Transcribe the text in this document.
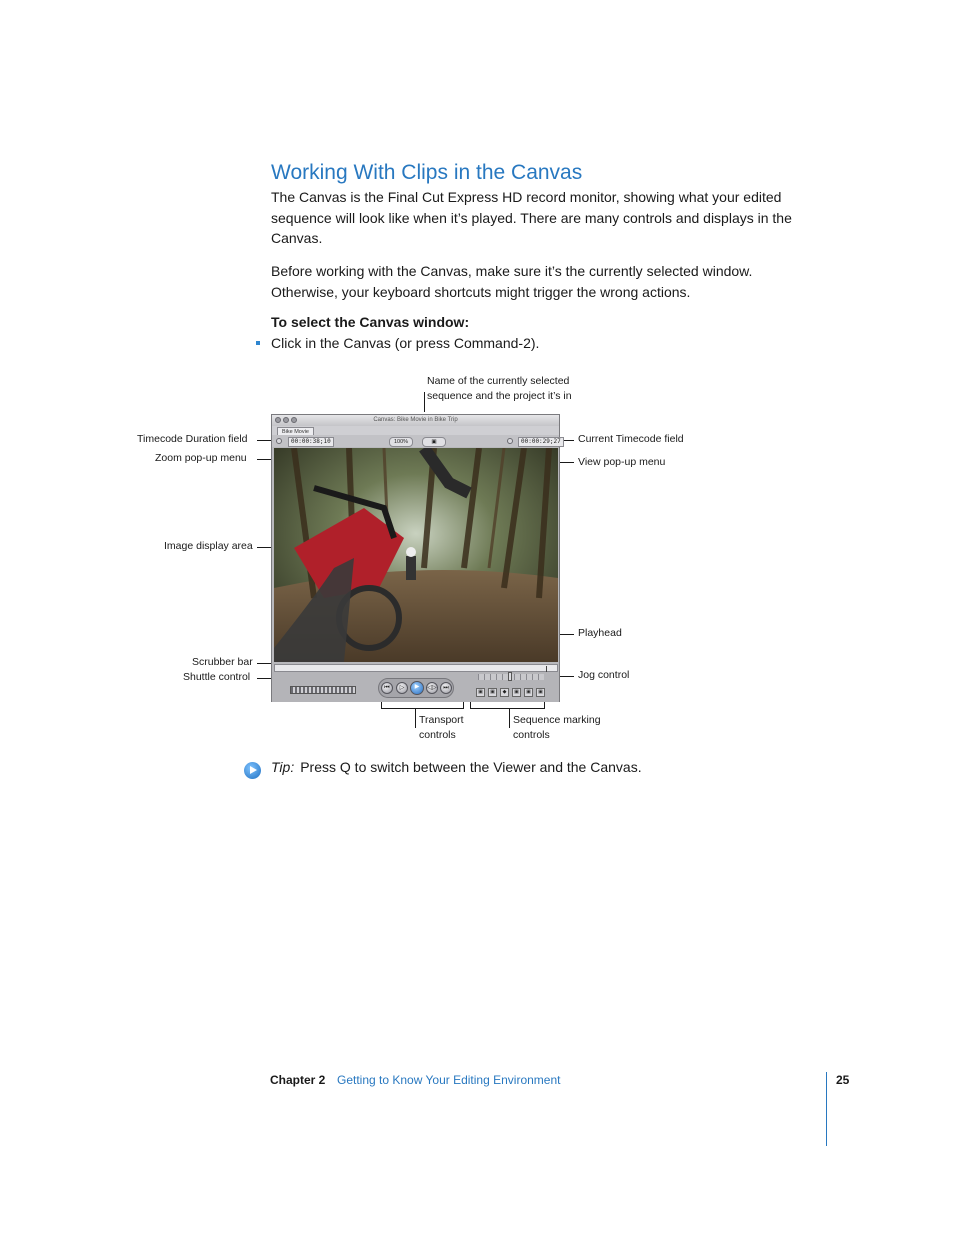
Working With Clips in the Canvas

The Canvas is the Final Cut Express HD record monitor, showing what your edited sequence will look like when it’s played. There are many controls and displays in the Canvas.

Before working with the Canvas, make sure it’s the currently selected window. Otherwise, your keyboard shortcuts might trigger the wrong actions.

To select the Canvas window:

Click in the Canvas (or press Command-2).
Name of the currently selected sequence and the project it’s in
Timecode Duration field
Zoom pop-up menu
Image display area
Scrubber bar
Shuttle control
Current Timecode field
View pop-up menu
Playhead
Jog control
Transport controls
Sequence marking controls
Canvas: Bike Movie in Bike Trip
Bike Movie
00:00:38;10	100%	▣	00:00:29;27
⏮	▷	▶	◁▷	⏭
▣	▣	◆	▣	▣	▣
Tip: Press Q to switch between the Viewer and the Canvas.
Chapter 2 Getting to Know Your Editing Environment	25
